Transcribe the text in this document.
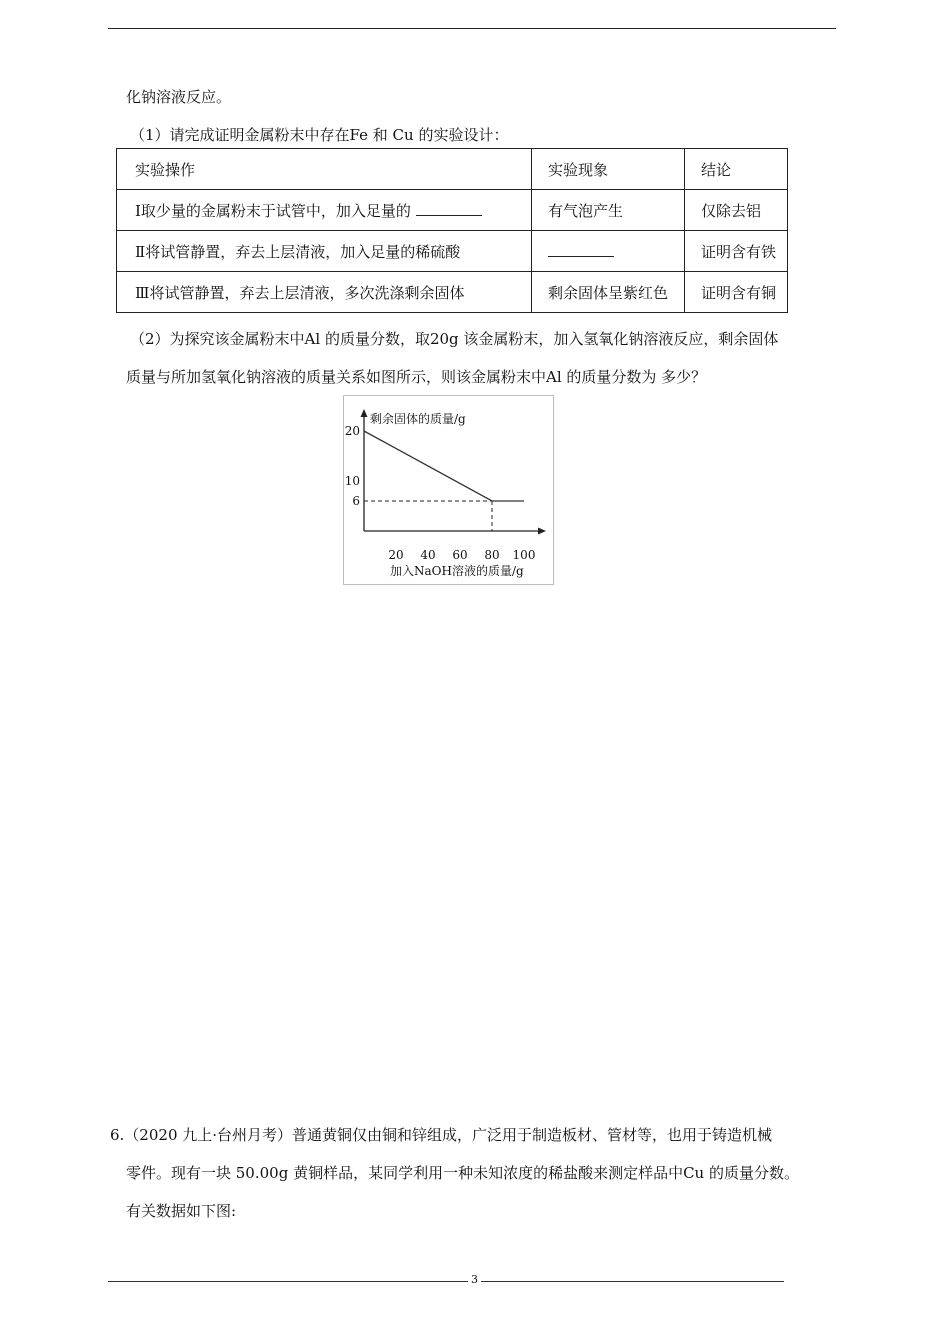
化钠溶液反应。
（1）请完成证明金属粉末中存在Fe 和 Cu 的实验设计：
实验操作	实验现象	结论
Ⅰ取少量的金属粉末于试管中，加入足量的	有气泡产生	仅除去铝
Ⅱ将试管静置，弃去上层清液，加入足量的稀硫酸		证明含有铁
Ⅲ将试管静置，弃去上层清液，多次洗涤剩余固体	剩余固体呈紫红色	证明含有铜
（2）为探究该金属粉末中Al 的质量分数，取20g 该金属粉末，加入氢氧化钠溶液反应，剩余固体
质量与所加氢氧化钠溶液的质量关系如图所示，则该金属粉末中Al 的质量分数为 多少？
剩余固体的质量/g
加入NaOH溶液的质量/g
20 40 60 80 100
6
10
20
6.（2020 九上·台州月考）普通黄铜仅由铜和锌组成，广泛用于制造板材、管材等，也用于铸造机械
零件。现有一块 50.00g 黄铜样品，某同学利用一种未知浓度的稀盐酸来测定样品中Cu 的质量分数。
有关数据如下图:
3
